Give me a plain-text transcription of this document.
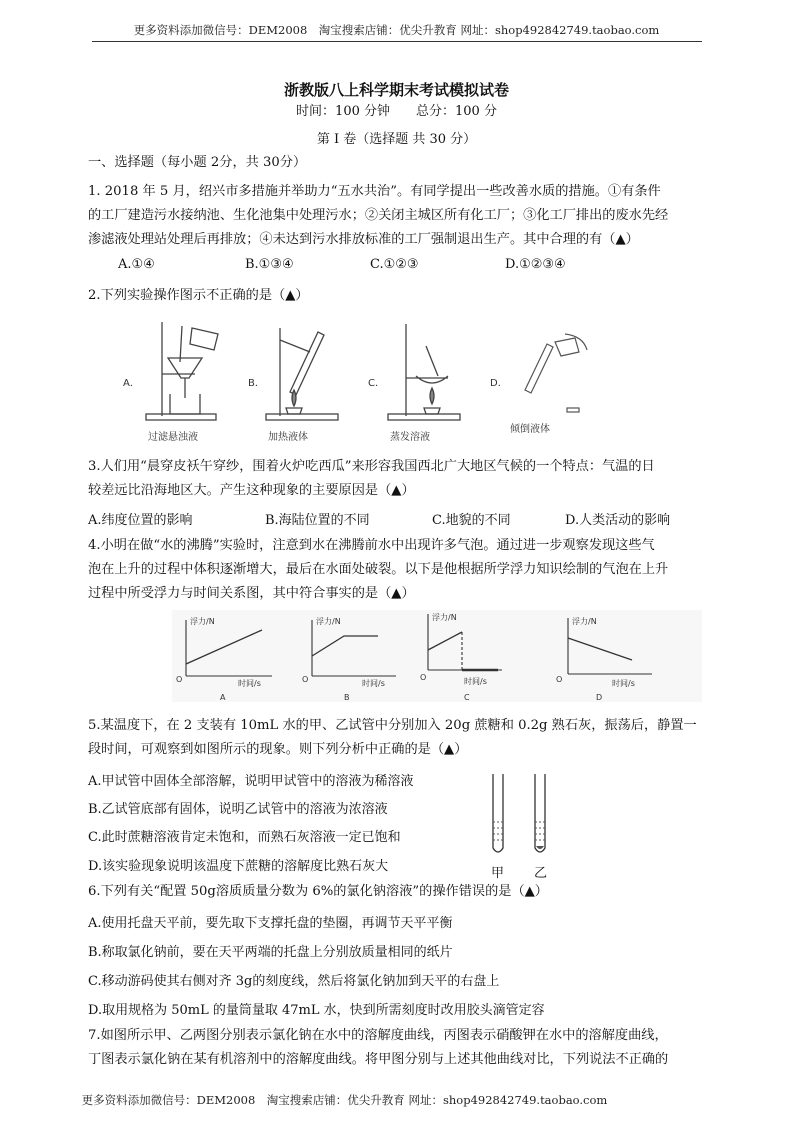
更多资料添加微信号：DEM2008　淘宝搜索店铺：优尖升教育 网址：shop492842749.taobao.com
浙教版八上科学期末考试模拟试卷
时间：100 分钟　　总分：100 分
第 I 卷（选择题 共 30 分）
一、选择题（每小题 2分，共 30分）
1. 2018 年 5 月，绍兴市多措施并举助力“五水共治”。有同学提出一些改善水质的措施。①有条件
的工厂建造污水接纳池、生化池集中处理污水；②关闭主城区所有化工厂；③化工厂排出的废水先经
渗滤液处理站处理后再排放；④未达到污水排放标准的工厂强制退出生产。其中合理的有（▲）
A.①④	B.①③④	C.①②③	D.①②③④
2.下列实验操作图示不正确的是（▲）
A．	B．	C．	D．
过滤悬浊液	加热液体	蒸发溶液
倾倒液体
3.人们用“晨穿皮袄午穿纱，围着火炉吃西瓜”来形容我国西北广大地区气候的一个特点：气温的日
较差远比沿海地区大。产生这种现象的主要原因是（▲）
A.纬度位置的影响	B.海陆位置的不同	C.地貌的不同	D.人类活动的影响
4.小明在做“水的沸腾”实验时，注意到水在沸腾前水中出现许多气泡。通过进一步观察发现这些气
泡在上升的过程中体积逐渐增大，最后在水面处破裂。以下是他根据所学浮力知识绘制的气泡在上升
过程中所受浮力与时间关系图，其中符合事实的是（▲）
浮力/N
时间/s
O
A
浮力/N
时间/s
O
B
浮力/N
时间/s
O
C
浮力/N
时间/s
O
D
5.某温度下，在 2 支装有 10mL 水的甲、乙试管中分别加入 20g 蔗糖和 0.2g 熟石灰，振荡后，静置一
段时间，可观察到如图所示的现象。则下列分析中正确的是（▲）
A.甲试管中固体全部溶解，说明甲试管中的溶液为稀溶液
B.乙试管底部有固体，说明乙试管中的溶液为浓溶液
C.此时蔗糖溶液肯定未饱和，而熟石灰溶液一定已饱和
D.该实验现象说明该温度下蔗糖的溶解度比熟石灰大	甲 乙
6.下列有关“配置 50g溶质质量分数为 6%的氯化钠溶液”的操作错误的是（▲）
A.使用托盘天平前，要先取下支撑托盘的垫圈，再调节天平平衡
B.称取氯化钠前，要在天平两端的托盘上分别放质量相同的纸片
C.移动游码使其右侧对齐 3g的刻度线，然后将氯化钠加到天平的右盘上
D.取用规格为 50mL 的量筒量取 47mL 水，快到所需刻度时改用胶头滴管定容
7.如图所示甲、乙两图分别表示氯化钠在水中的溶解度曲线，丙图表示硝酸钾在水中的溶解度曲线，
丁图表示氯化钠在某有机溶剂中的溶解度曲线。将甲图分别与上述其他曲线对比，下列说法不正确的
更多资料添加微信号：DEM2008　淘宝搜索店铺：优尖升教育 网址：shop492842749.taobao.com
